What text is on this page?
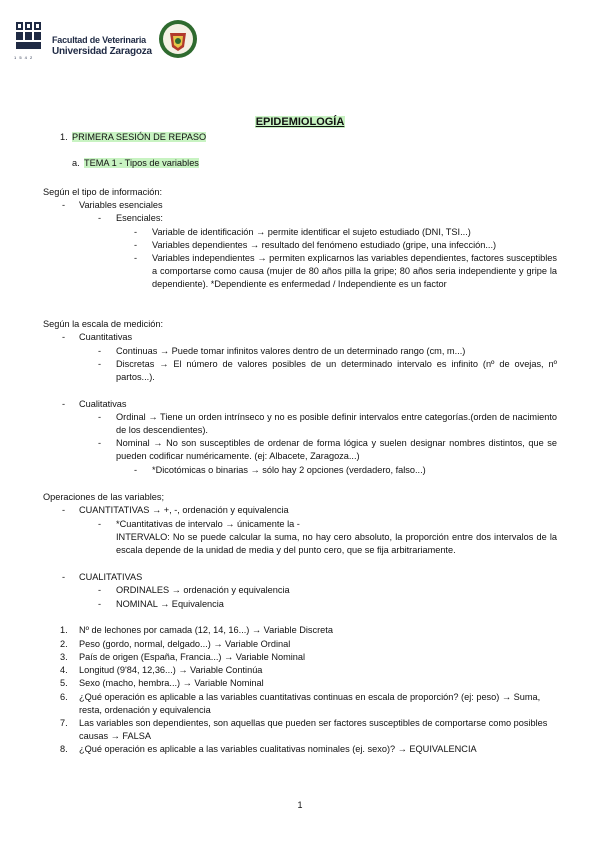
1 5 4 2
Facultad de Veterinaria
Universidad Zaragoza
EPIDEMIOLOGÍA
1. PRIMERA SESIÓN DE REPASO
a. TEMA 1 - Tipos de variables
Según el tipo de información:
- Variables esenciales
- Esenciales:
- Variable de identificación → permite identificar el sujeto estudiado (DNI, TSI...)
- Variables dependientes → resultado del fenómeno estudiado (gripe, una infección...)
- Variables independientes → permiten explicarnos las variables dependientes, factores susceptibles a comportarse como causa (mujer de 80 años pilla la gripe; 80 años seria independiente y gripe la dependiente). *Dependiente es enfermedad / Independiente es un factor
Según la escala de medición:
- Cuantitativas
- Continuas → Puede tomar infinitos valores dentro de un determinado rango (cm, m...)
- Discretas → El número de valores posibles de un determinado intervalo es infinito (nº de ovejas, nº partos...).
- Cualitativas
- Ordinal → Tiene un orden intrínseco y no es posible definir intervalos entre categorías.(orden de nacimiento de los descendientes).
- Nominal → No son susceptibles de ordenar de forma lógica y suelen designar nombres distintos, que se pueden codificar numéricamente. (ej: Albacete, Zaragoza...)
- *Dicotómicas o binarias → sólo hay 2 opciones (verdadero, falso...)
Operaciones de las variables;
- CUANTITATIVAS → +, -, ordenación y equivalencia
- *Cuantitativas de intervalo → únicamente la -
INTERVALO: No se puede calcular la suma, no hay cero absoluto, la proporción entre dos intervalos de la escala depende de la unidad de media y del punto cero, que se fija arbitrariamente.
- CUALITATIVAS
- ORDINALES → ordenación y equivalencia
- NOMINAL → Equivalencia
1. Nº de lechones por camada (12, 14, 16...) → Variable Discreta
2. Peso (gordo, normal, delgado...) → Variable Ordinal
3. País de origen (España, Francia...) → Variable Nominal
4. Longitud (9'84, 12,36...) → Variable Continúa
5. Sexo (macho, hembra...) → Variable Nominal
6. ¿Qué operación es aplicable a las variables cuantitativas continuas en escala de proporción? (ej: peso) → Suma, resta, ordenación y equivalencia
7. Las variables son dependientes, son aquellas que pueden ser factores susceptibles de comportarse como posibles causas → FALSA
8. ¿Qué operación es aplicable a las variables cualitativas nominales (ej. sexo)? → EQUIVALENCIA
1
